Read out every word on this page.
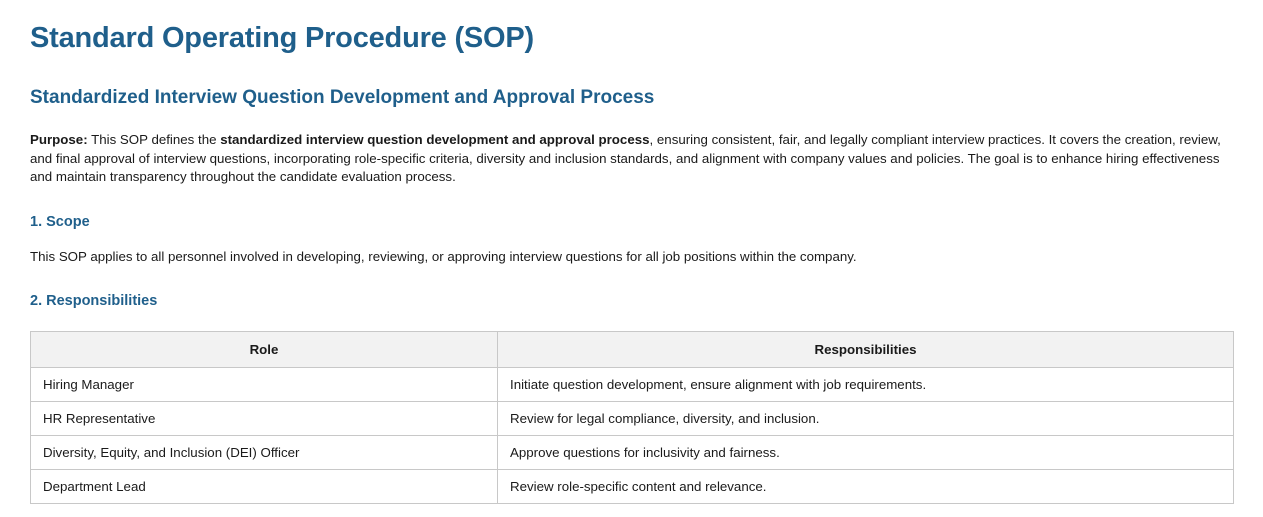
Standard Operating Procedure (SOP)
Standardized Interview Question Development and Approval Process

Purpose: This SOP defines the standardized interview question development and approval process, ensuring consistent, fair, and legally compliant interview practices. It covers the creation, review, and final approval of interview questions, incorporating role-specific criteria, diversity and inclusion standards, and alignment with company values and policies. The goal is to enhance hiring effectiveness and maintain transparency throughout the candidate evaluation process.

1. Scope

This SOP applies to all personnel involved in developing, reviewing, or approving interview questions for all job positions within the company.

2. Responsibilities
Role	Responsibilities
Hiring Manager	Initiate question development, ensure alignment with job requirements.
HR Representative	Review for legal compliance, diversity, and inclusion.
Diversity, Equity, and Inclusion (DEI) Officer	Approve questions for inclusivity and fairness.
Department Lead	Review role-specific content and relevance.
